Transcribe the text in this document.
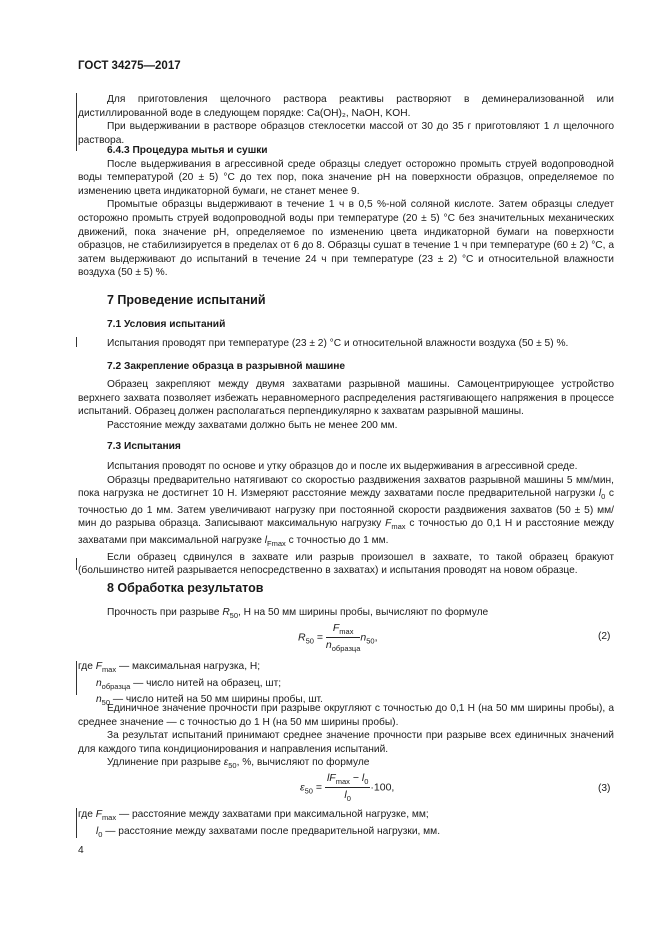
ГОСТ 34275—2017

Для приготовления щелочного раствора реактивы растворяют в деминерализованной или дистиллированной воде в следующем порядке: Ca(OH)₂, NaOH, KOH.

При выдерживании в растворе образцов стеклосетки массой от 30 до 35 г приготовляют 1 л щелочного раствора.

6.4.3 Процедура мытья и сушки

После выдерживания в агрессивной среде образцы следует осторожно промыть струей водопроводной воды температурой (20 ± 5) °C до тех пор, пока значение pH на поверхности образцов, определяемое по изменению цвета индикаторной бумаги, не станет менее 9.

Промытые образцы выдерживают в течение 1 ч в 0,5 %-ной соляной кислоте. Затем образцы следует осторожно промыть струей водопроводной воды при температуре (20 ± 5) °C без значительных механических движений, пока значение pH, определяемое по изменению цвета индикаторной бумаги на поверхности образцов, не стабилизируется в пределах от 6 до 8. Образцы сушат в течение 1 ч при температуре (60 ± 2) °C, а затем выдерживают до испытаний в течение 24 ч при температуре (23 ± 2) °C и относительной влажности воздуха (50 ± 5) %.

7 Проведение испытаний

7.1 Условия испытаний

Испытания проводят при температуре (23 ± 2) °C и относительной влажности воздуха (50 ± 5) %.

7.2 Закрепление образца в разрывной машине

Образец закрепляют между двумя захватами разрывной машины. Самоцентрирующее устройство верхнего захвата позволяет избежать неравномерного распределения растягивающего напряжения в процессе испытаний. Образец должен располагаться перпендикулярно к захватам разрывной машины.

Расстояние между захватами должно быть не менее 200 мм.

7.3 Испытания

Испытания проводят по основе и утку образцов до и после их выдерживания в агрессивной среде.

Образцы предварительно натягивают со скоростью раздвижения захватов разрывной машины 5 мм/мин, пока нагрузка не достигнет 10 Н. Измеряют расстояние между захватами после предварительной нагрузки $l_0$ с точностью до 1 мм. Затем увеличивают нагрузку при постоянной скорости раздвижения захватов (50 ± 5) мм/мин до разрыва образца. Записывают максимальную нагрузку $F_{max}$ с точностью до 0,1 Н и расстояние между захватами при максимальной нагрузке $l_{Fmax}$ с точностью до 1 мм.

Если образец сдвинулся в захвате или разрыв произошел в захвате, то такой образец бракуют (большинство нитей разрывается непосредственно в захватах) и испытания проводят на новом образце.

8 Обработка результатов

Прочность при разрыве $R_{50}$, Н на 50 мм ширины пробы, вычисляют по формуле

$R_{50} = \frac{F_{max}}{n_{образца}} n_{50}$,	(2)

где $F_{max}$ — максимальная нагрузка, Н;

$n_{образца}$ — число нитей на образец, шт;

$n_{50}$ — число нитей на 50 мм ширины пробы, шт.

Единичное значение прочности при разрыве округляют с точностью до 0,1 Н (на 50 мм ширины пробы), а среднее значение — с точностью до 1 Н (на 50 мм ширины пробы).

За результат испытаний принимают среднее значение прочности при разрыве всех единичных значений для каждого типа кондиционирования и направления испытаний.

Удлинение при разрыве $\varepsilon_{50}$, %, вычисляют по формуле

$\varepsilon_{50} = \frac{lF_{max} - l_0}{l_0} \cdot 100$,	(3)

где $F_{max}$ — расстояние между захватами при максимальной нагрузке, мм;

$l_0$ — расстояние между захватами после предварительной нагрузки, мм.

4
